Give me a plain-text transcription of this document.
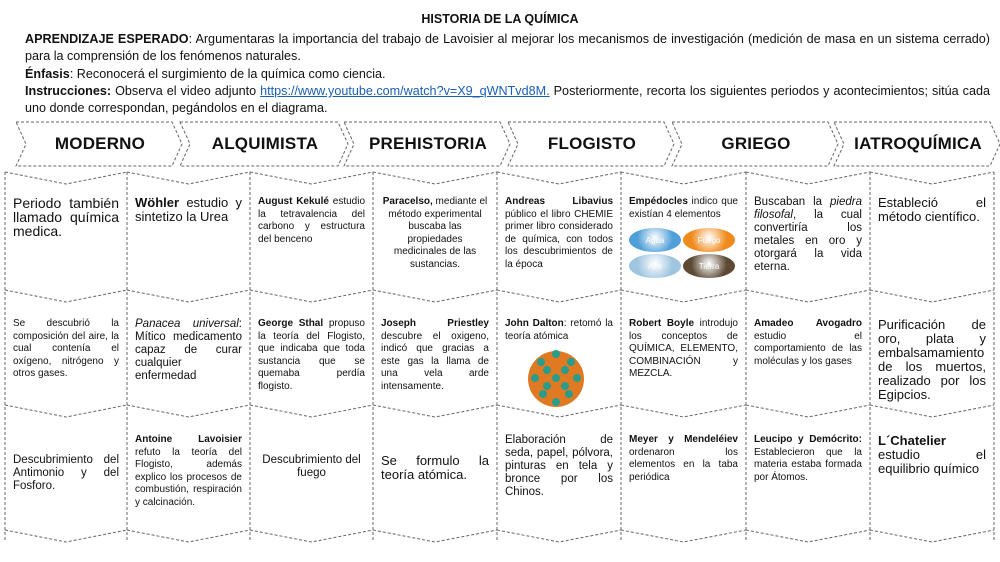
HISTORIA DE LA QUÍMICA
APRENDIZAJE ESPERADO: Argumentaras la importancia del trabajo de Lavoisier al mejorar los mecanismos de investigación (medición de masa en un sistema cerrado) para la comprensión de los fenómenos naturales.
Énfasis: Reconocerá el surgimiento de la química como ciencia.
Instrucciones: Observa el video adjunto https://www.youtube.com/watch?v=X9_qWNTvd8M. Posteriormente, recorta los siguientes periodos y acontecimientos; sitúa cada uno donde correspondan, pegándolos en el diagrama.
MODERNO	ALQUIMISTA	PREHISTORIA	FLOGISTO	GRIEGO	IATROQUÍMICA
Periodo también llamado química medica.
Wöhler estudio y sintetizo la Urea
August Kekulé estudio la tetravalencia del carbono y estructura del benceno
Paracelso, mediante el método experimental buscaba las propiedades medicinales de las sustancias.
Andreas Libavius público el libro CHEMIE primer libro considerado de química, con todos los descubrimientos de la época
Empédocles indico que existían 4 elementos
Agua	Fuego
Aire	Tierra
Buscaban la piedra filosofal, la cual convertiría los metales en oro y otorgará la vida eterna.
Estableció el método científico.
Se descubrió la composición del aire, la cual contenía el oxígeno, nitrógeno y otros gases.
Panacea universal: Mítico medicamento capaz de curar cualquier enfermedad
George Sthal propuso la teoría del Flogisto, que indicaba que toda sustancia que se quemaba perdía flogisto.
Joseph Priestley descubre el oxigeno, indicó que gracias a este gas la llama de una vela arde intensamente.
John Dalton: retomó la teoría atómica
Robert Boyle introdujo los conceptos de QUÍMICA, ELEMENTO, COMBINACIÓN y MEZCLA.
Amadeo Avogadro estudio el comportamiento de las moléculas y los gases
Purificación de oro, plata y embalsamamiento de los muertos, realizado por los Egipcios.
Descubrimiento del Antimonio y del Fosforo.
Antoine Lavoisier refuto la teoría del Flogisto, además explico los procesos de combustión, respiración y calcinación.
Descubrimiento del fuego
Se formulo la teoría atómica.
Elaboración de seda, papel, pólvora, pinturas en tela y bronce por los Chinos.
Meyer y Mendeléiev ordenaron los elementos en la taba periódica
Leucipo y Demócrito: Establecieron que la materia estaba formada por Átomos.
L´Chatelier estudio el equilibrio químico
